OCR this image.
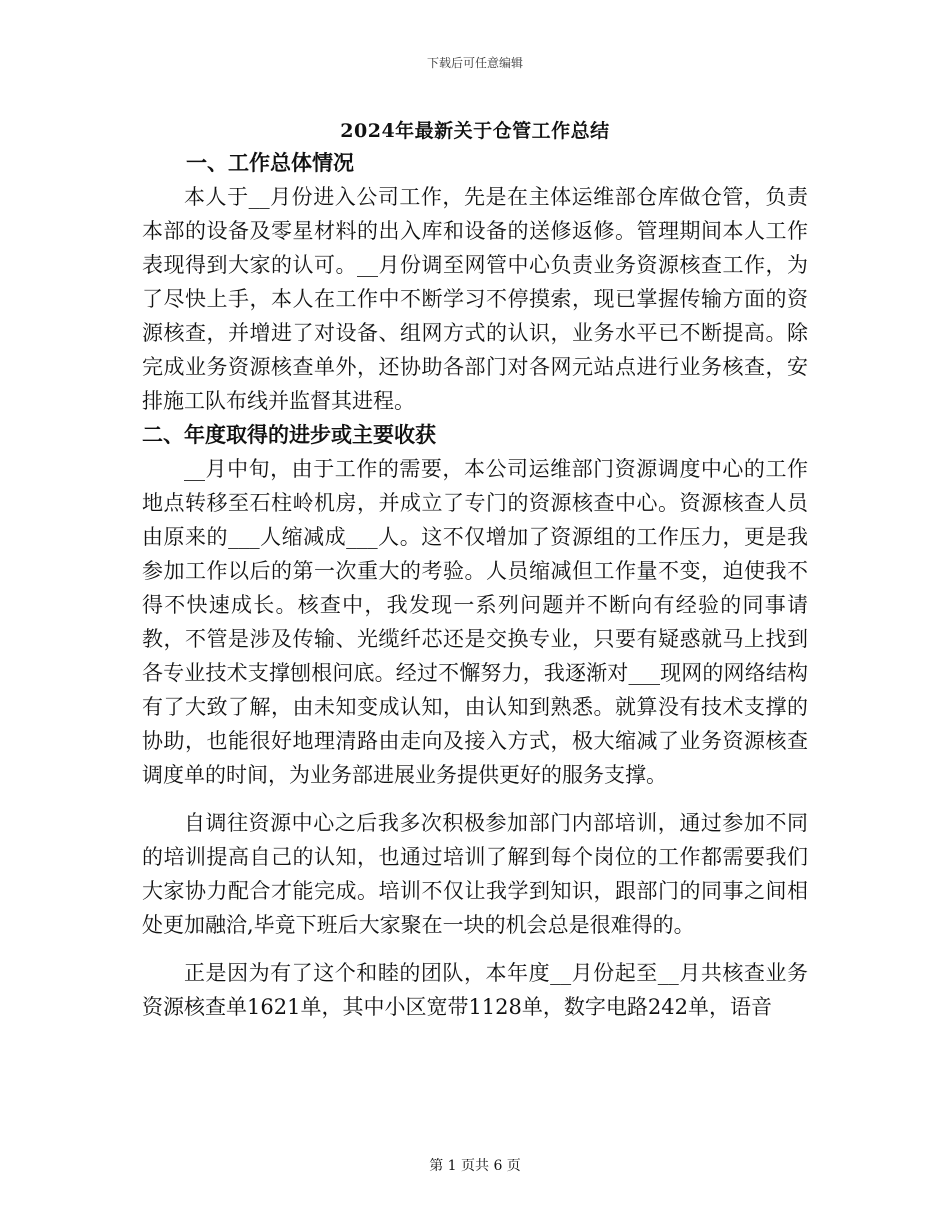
下载后可任意编辑
2024年最新关于仓管工作总结

一、工作总体情况

本人于__月份进入公司工作，先是在主体运维部仓库做仓管，负责本部的设备及零星材料的出入库和设备的送修返修。管理期间本人工作表现得到大家的认可。__月份调至网管中心负责业务资源核查工作，为了尽快上手，本人在工作中不断学习不停摸索，现已掌握传输方面的资源核查，并增进了对设备、组网方式的认识，业务水平已不断提高。除完成业务资源核查单外，还协助各部门对各网元站点进行业务核查，安排施工队布线并监督其进程。

二、年度取得的进步或主要收获

__月中旬，由于工作的需要，本公司运维部门资源调度中心的工作地点转移至石柱岭机房，并成立了专门的资源核查中心。资源核查人员由原来的___人缩减成___人。这不仅增加了资源组的工作压力，更是我参加工作以后的第一次重大的考验。人员缩减但工作量不变，迫使我不得不快速成长。核查中，我发现一系列问题并不断向有经验的同事请教，不管是涉及传输、光缆纤芯还是交换专业，只要有疑惑就马上找到各专业技术支撑刨根问底。经过不懈努力，我逐渐对___现网的网络结构有了大致了解，由未知变成认知，由认知到熟悉。就算没有技术支撑的协助，也能很好地理清路由走向及接入方式，极大缩减了业务资源核查调度单的时间，为业务部进展业务提供更好的服务支撑。

自调往资源中心之后我多次积极参加部门内部培训，通过参加不同的培训提高自己的认知，也通过培训了解到每个岗位的工作都需要我们大家协力配合才能完成。培训不仅让我学到知识，跟部门的同事之间相处更加融洽,毕竟下班后大家聚在一块的机会总是很难得的。

正是因为有了这个和睦的团队，本年度__月份起至__月共核查业务资源核查单1621单，其中小区宽带1128单，数字电路242单，语音

第 1 页共 6 页
